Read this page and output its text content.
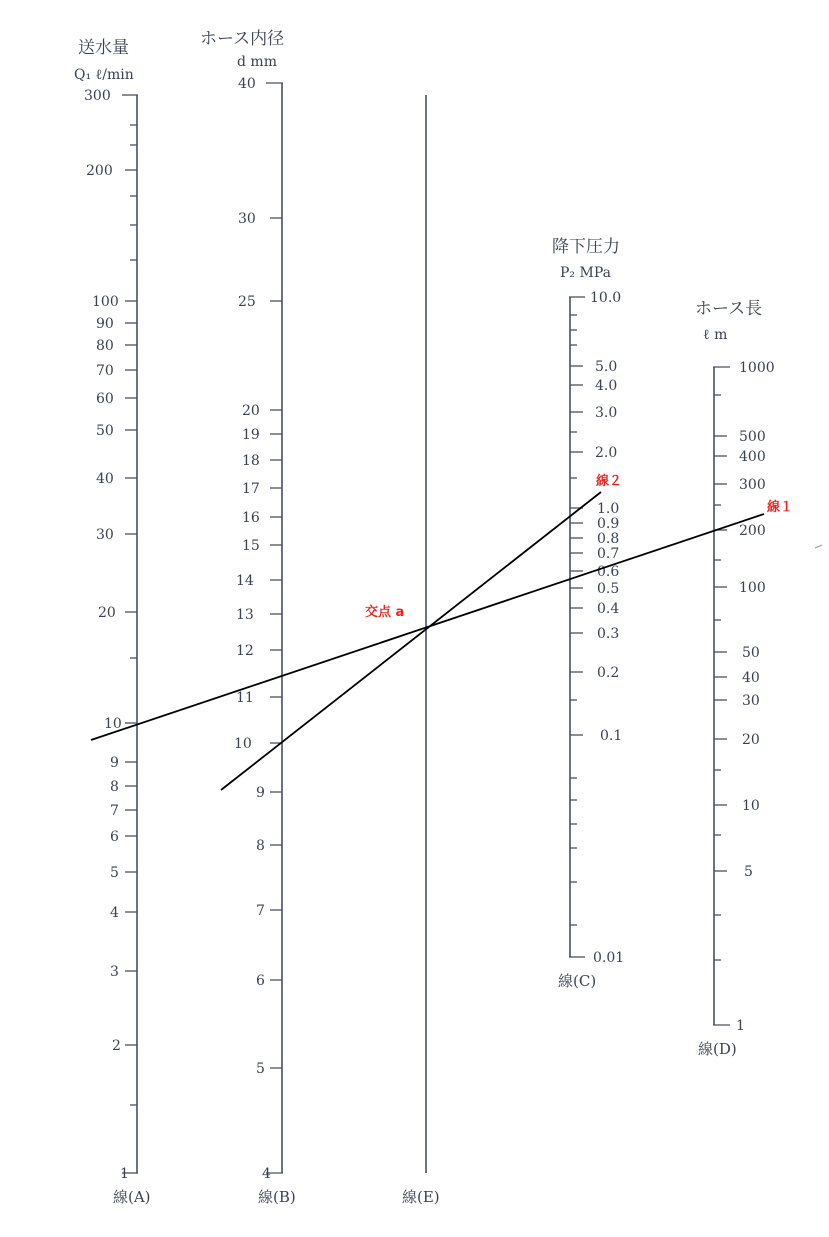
送水量
Q₁ ℓ/min
ホース内径
d mm
降下圧力
P₂ MPa
ホース長
ℓ m
300
200
100
90
80
70
60
50
40
30
20
10
9
8
7
6
5
4
3
2
1
40
30
25
20
19
18
17
16
15
14
13
12
11
10
9
8
7
6
5
4
10.0
5.0
4.0
3.0
2.0
1.0
0.9
0.8
0.7
0.6
0.5
0.4
0.3
0.2
0.1
0.01
1000
500
400
300
200
100
50
40
30
20
10
5
1
線(A)	線(B)	線(E)
線(C)
線(D)
線１
線２
交点 a
